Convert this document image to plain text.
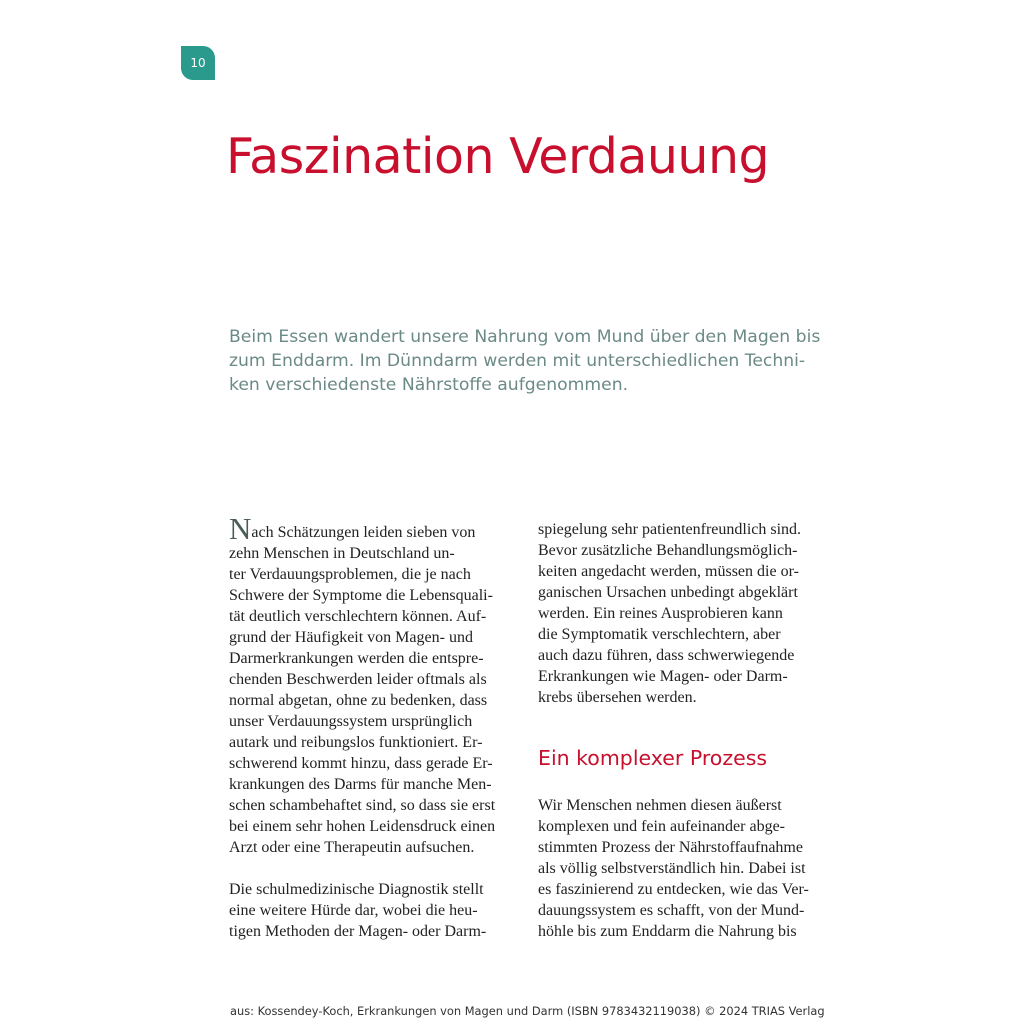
10
Faszination Verdauung
Beim Essen wandert unsere Nahrung vom Mund über den Magen bis
zum Enddarm. Im Dünndarm werden mit unterschiedlichen Techni-
ken verschiedenste Nährstoffe aufgenommen.
Nach Schätzungen leiden sieben von
zehn Menschen in Deutschland un-
ter Verdauungsproblemen, die je nach
Schwere der Symptome die Lebensquali-
tät deutlich verschlechtern können. Auf-
grund der Häufigkeit von Magen- und
Darmerkrankungen werden die entspre-
chenden Beschwerden leider oftmals als
normal abgetan, ohne zu bedenken, dass
unser Verdauungssystem ursprünglich
autark und reibungslos funktioniert. Er-
schwerend kommt hinzu, dass gerade Er-
krankungen des Darms für manche Men-
schen schambehaftet sind, so dass sie erst
bei einem sehr hohen Leidensdruck einen
Arzt oder eine Therapeutin aufsuchen.
Die schulmedizinische Diagnostik stellt
eine weitere Hürde dar, wobei die heu-
tigen Methoden der Magen- oder Darm-
spiegelung sehr patientenfreundlich sind.
Bevor zusätzliche Behandlungsmöglich-
keiten angedacht werden, müssen die or-
ganischen Ursachen unbedingt abgeklärt
werden. Ein reines Ausprobieren kann
die Symptomatik verschlechtern, aber
auch dazu führen, dass schwerwiegende
Erkrankungen wie Magen- oder Darm-
krebs übersehen werden.
Ein komplexer Prozess
Wir Menschen nehmen diesen äußerst
komplexen und fein aufeinander abge-
stimmten Prozess der Nährstoffaufnahme
als völlig selbstverständlich hin. Dabei ist
es faszinierend zu entdecken, wie das Ver-
dauungssystem es schafft, von der Mund-
höhle bis zum Enddarm die Nahrung bis
aus: Kossendey-Koch, Erkrankungen von Magen und Darm (ISBN 9783432119038) © 2024 TRIAS Verlag
